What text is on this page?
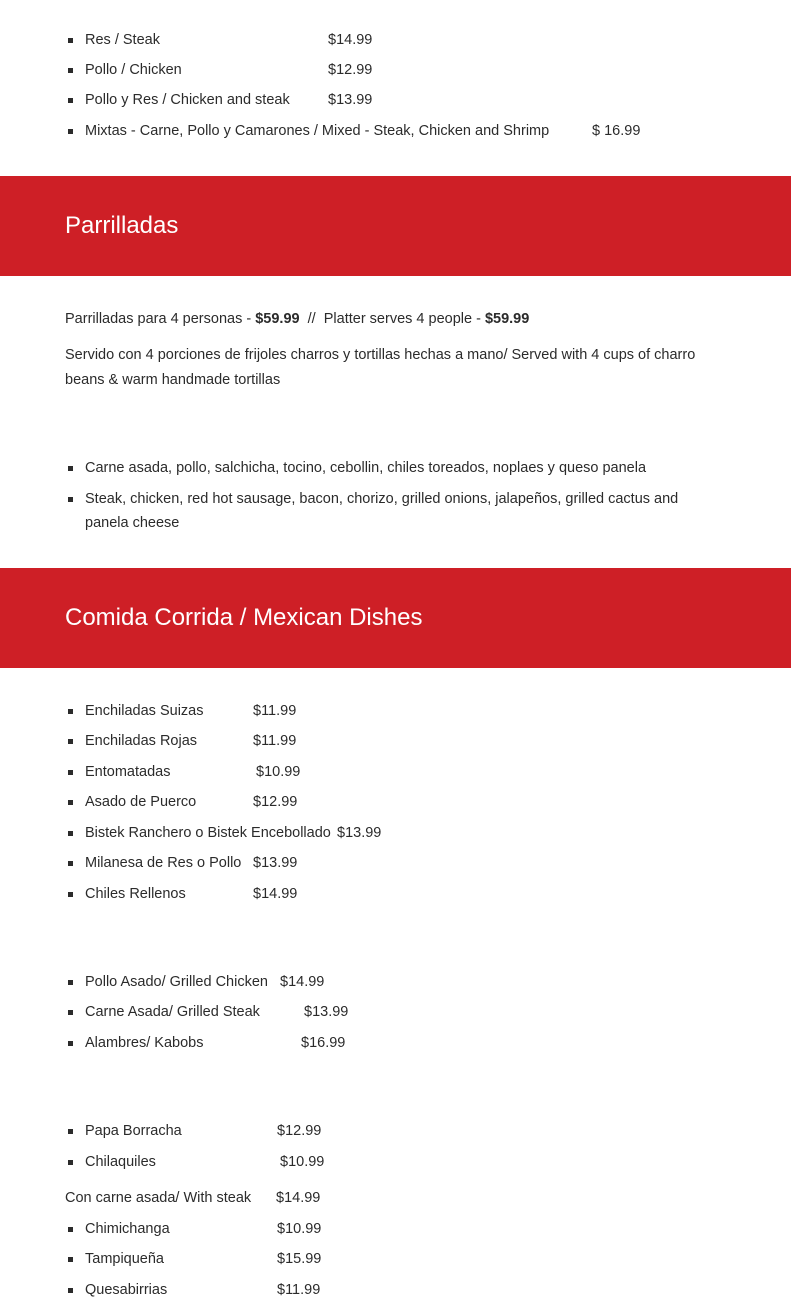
Res / Steak	$14.99
Pollo / Chicken	$12.99
Pollo y Res / Chicken and steak	$13.99
Mixtas - Carne, Pollo y Camarones / Mixed - Steak, Chicken and Shrimp	$ 16.99
Parrilladas

Parrilladas para 4 personas - $59.99  //  Platter serves 4 people - $59.99

Servido con 4 porciones de frijoles charros y tortillas hechas a mano/ Served with 4 cups of charro beans & warm handmade tortillas

Carne asada, pollo, salchicha, tocino, cebollin, chiles toreados, noplaes y queso panela
Steak, chicken, red hot sausage, bacon, chorizo, grilled onions, jalapeños, grilled cactus and panela cheese
Comida Corrida / Mexican Dishes
Enchiladas Suizas	$11.99
Enchiladas Rojas	$11.99
Entomatadas	$10.99
Asado de Puerco	$12.99
Bistek Ranchero o Bistek Encebollado $13.99
Milanesa de Res o Pollo $13.99
Chiles Rellenos	$14.99
Pollo Asado/ Grilled Chicken $14.99
Carne Asada/ Grilled Steak	$13.99
Alambres/ Kabobs	$16.99
Papa Borracha	$12.99
Chilaquiles	$10.99
Con carne asada/ With steak $14.99
Chimichanga	$10.99
Tampiqueña	$15.99
Quesabirrias	$11.99
